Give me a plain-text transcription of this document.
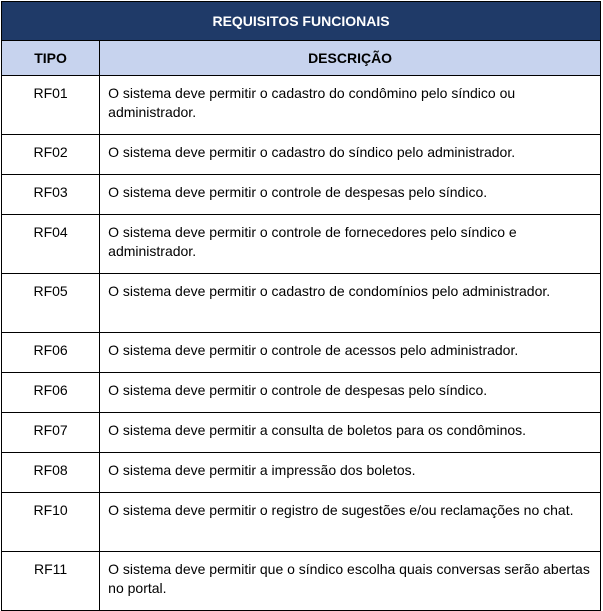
REQUISITOS FUNCIONAIS	
TIPO	DESCRIÇÃO
RF01	O sistema deve permitir o cadastro do condômino pelo síndico ou administrador.
RF02	O sistema deve permitir o cadastro do síndico pelo administrador.
RF03	O sistema deve permitir o controle de despesas pelo síndico.
RF04	O sistema deve permitir o controle de fornecedores pelo síndico e administrador.
RF05	O sistema deve permitir o cadastro de condomínios pelo administrador.
RF06	O sistema deve permitir o controle de acessos pelo administrador.
RF06	O sistema deve permitir o controle de despesas pelo síndico.
RF07	O sistema deve permitir a consulta de boletos para os condôminos.
RF08	O sistema deve permitir a impressão dos boletos.
RF10	O sistema deve permitir o registro de sugestões e/ou reclamações no chat.
RF11	O sistema deve permitir que o síndico escolha quais conversas serão abertas no portal.
